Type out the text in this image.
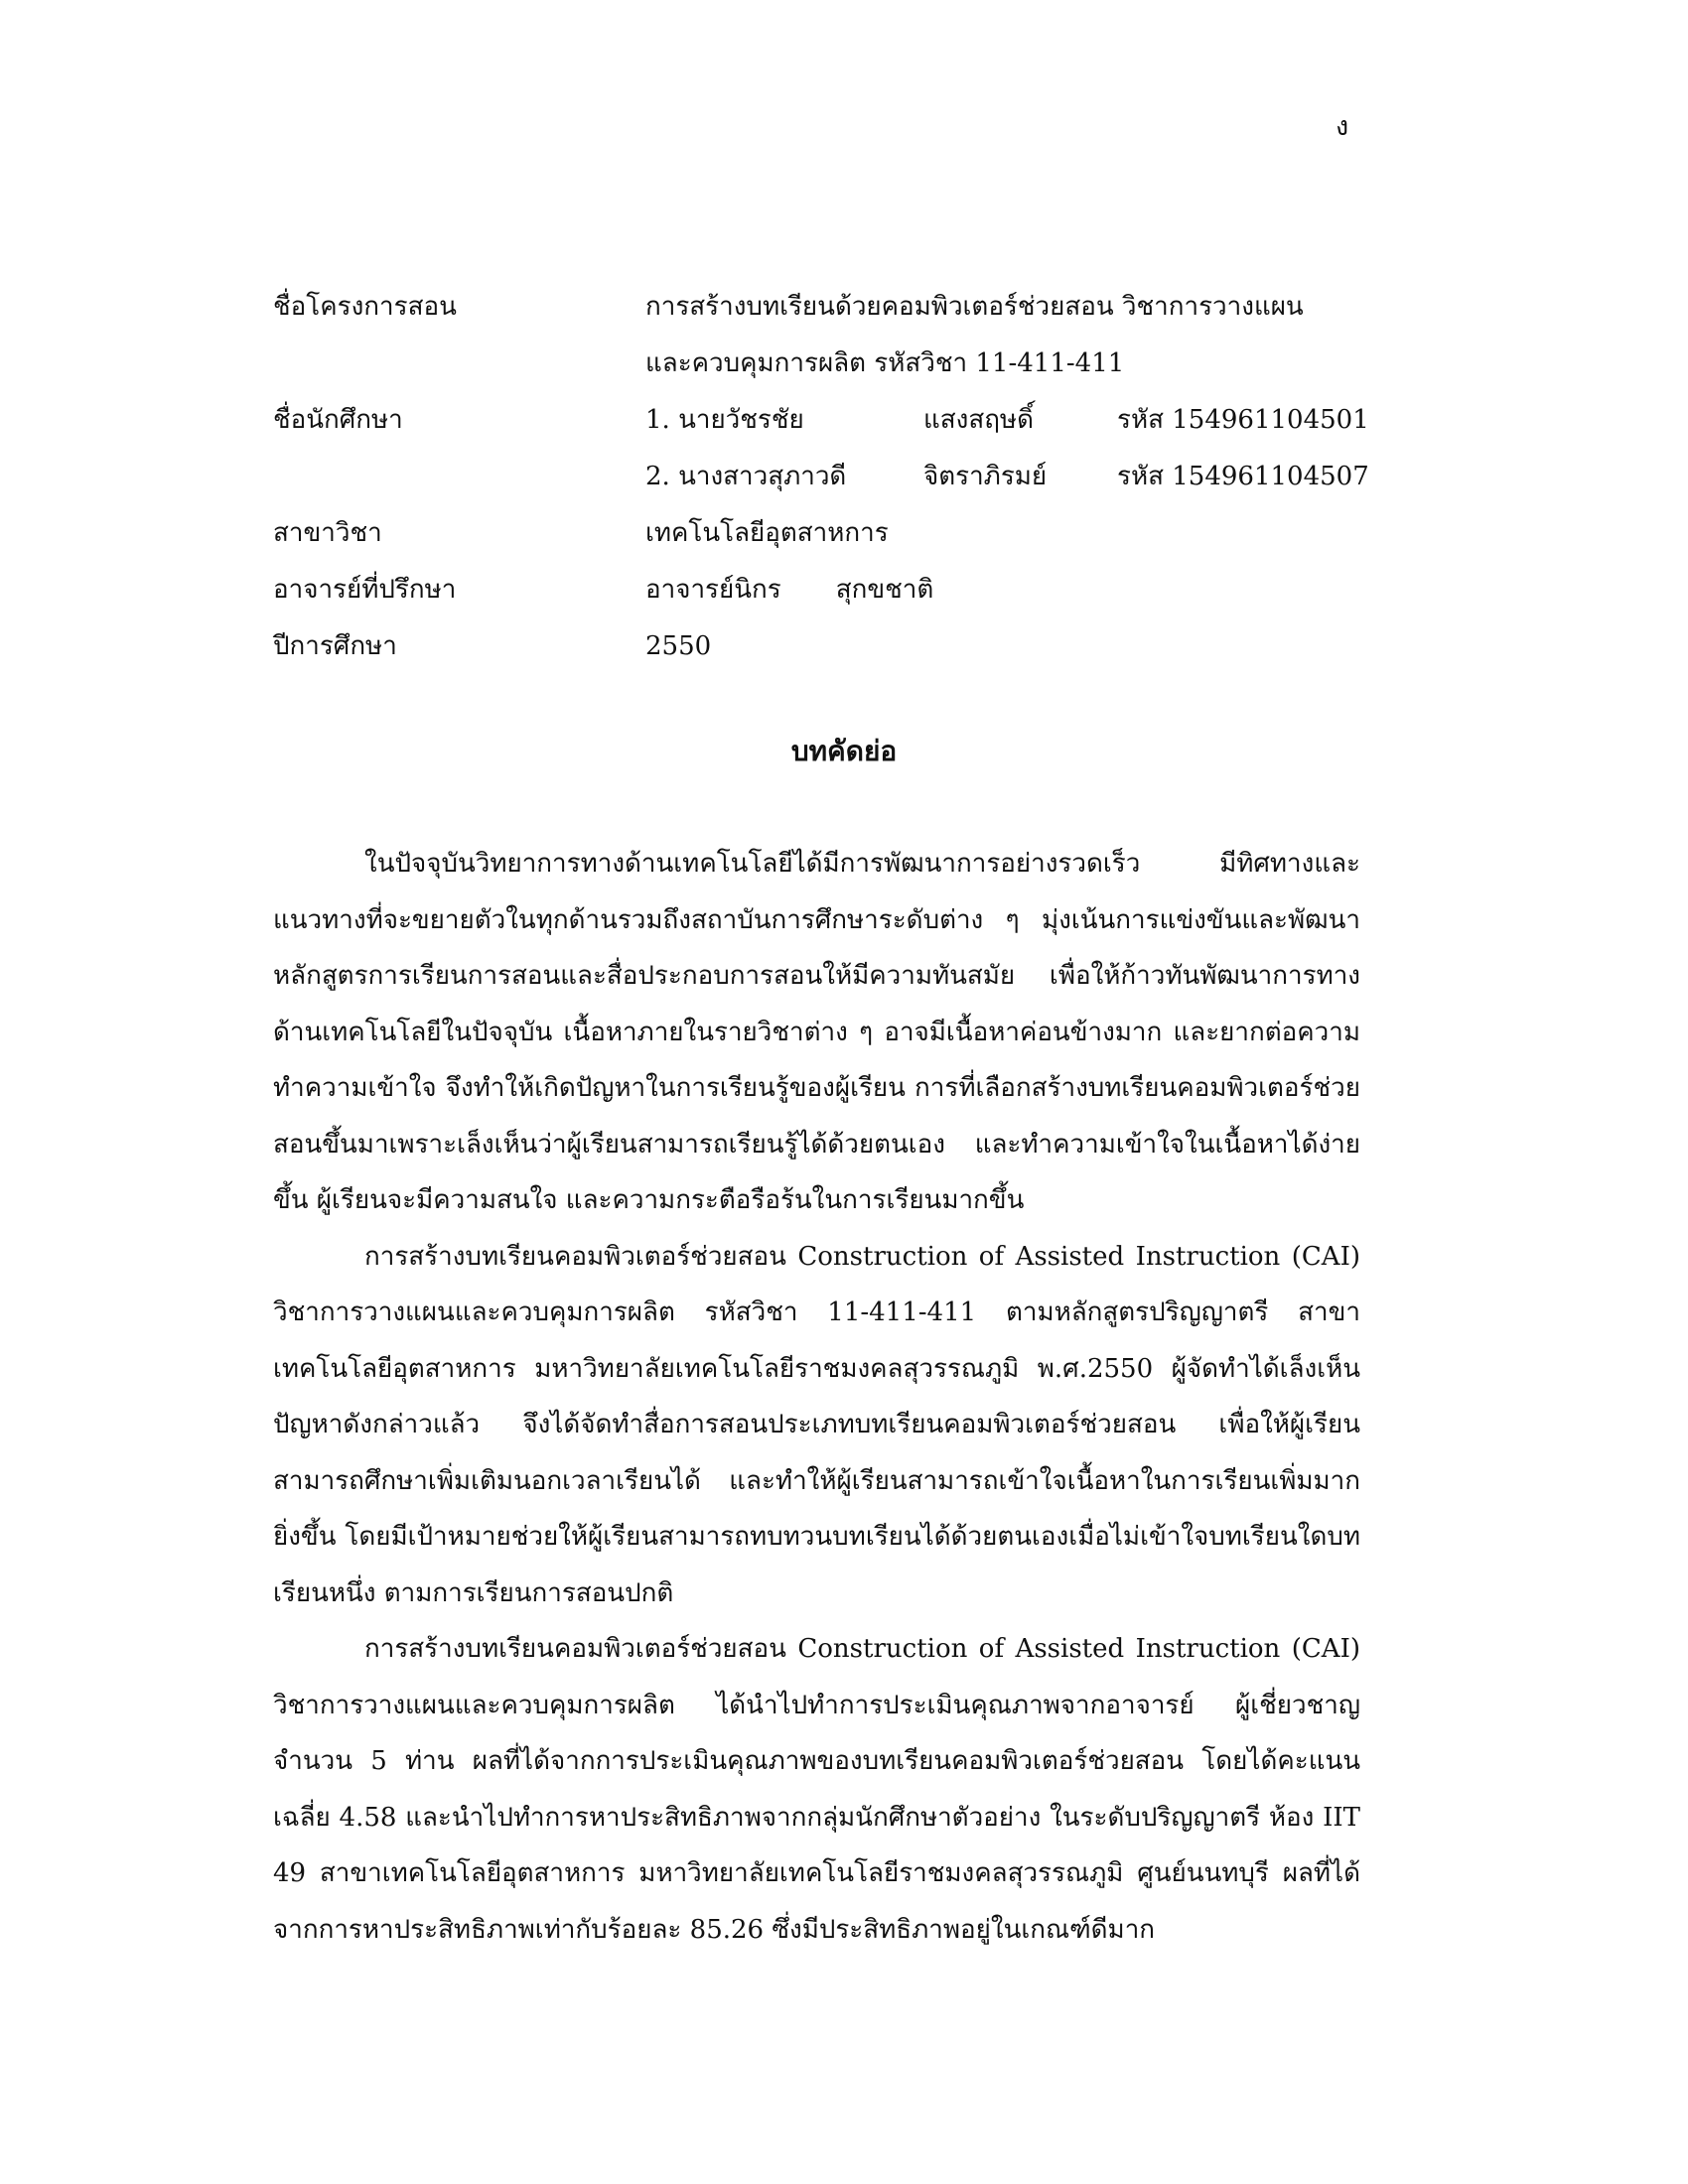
ง
ชื่อโครงการสอน	การสร้างบทเรียนด้วยคอมพิวเตอร์ช่วยสอน วิชาการวางแผน
และควบคุมการผลิต รหัสวิชา 11-411-411
ชื่อนักศึกษา	1. นายวัชรชัย	แสงสฤษดิ์	รหัส 154961104501
2. นางสาวสุภาวดี	จิตราภิรมย์	รหัส 154961104507
สาขาวิชา	เทคโนโลยีอุตสาหการ
อาจารย์ที่ปรึกษา	อาจารย์นิกร สุกขชาติ
ปีการศึกษา	2550
บทคัดย่อ

ในปัจจุบันวิทยาการทางด้านเทคโนโลยีได้มีการพัฒนาการอย่างรวดเร็ว มีทิศทางและแนวทางที่จะขยายตัวในทุกด้านรวมถึงสถาบันการศึกษาระดับต่าง ๆ มุ่งเน้นการแข่งขันและพัฒนาหลักสูตรการเรียนการสอนและสื่อประกอบการสอนให้มีความทันสมัย เพื่อให้ก้าวทันพัฒนาการทางด้านเทคโนโลยีในปัจจุบัน เนื้อหาภายในรายวิชาต่าง ๆ อาจมีเนื้อหาค่อนข้างมาก และยากต่อความทำความเข้าใจ จึงทำให้เกิดปัญหาในการเรียนรู้ของผู้เรียน การที่เลือกสร้างบทเรียนคอมพิวเตอร์ช่วยสอนขึ้นมาเพราะเล็งเห็นว่าผู้เรียนสามารถเรียนรู้ได้ด้วยตนเอง และทำความเข้าใจในเนื้อหาได้ง่ายขึ้น ผู้เรียนจะมีความสนใจ และความกระตือรือร้นในการเรียนมากขึ้น

การสร้างบทเรียนคอมพิวเตอร์ช่วยสอน Construction of Assisted Instruction (CAI) วิชาการวางแผนและควบคุมการผลิต รหัสวิชา 11-411-411 ตามหลักสูตรปริญญาตรี สาขาเทคโนโลยีอุตสาหการ มหาวิทยาลัยเทคโนโลยีราชมงคลสุวรรณภูมิ พ.ศ.2550 ผู้จัดทำได้เล็งเห็นปัญหาดังกล่าวแล้ว จึงได้จัดทำสื่อการสอนประเภทบทเรียนคอมพิวเตอร์ช่วยสอน เพื่อให้ผู้เรียนสามารถศึกษาเพิ่มเติมนอกเวลาเรียนได้ และทำให้ผู้เรียนสามารถเข้าใจเนื้อหาในการเรียนเพิ่มมากยิ่งขึ้น โดยมีเป้าหมายช่วยให้ผู้เรียนสามารถทบทวนบทเรียนได้ด้วยตนเองเมื่อไม่เข้าใจบทเรียนใดบทเรียนหนึ่ง ตามการเรียนการสอนปกติ

การสร้างบทเรียนคอมพิวเตอร์ช่วยสอน Construction of Assisted Instruction (CAI) วิชาการวางแผนและควบคุมการผลิต ได้นำไปทำการประเมินคุณภาพจากอาจารย์ ผู้เชี่ยวชาญ จำนวน 5 ท่าน ผลที่ได้จากการประเมินคุณภาพของบทเรียนคอมพิวเตอร์ช่วยสอน โดยได้คะแนนเฉลี่ย 4.58 และนำไปทำการหาประสิทธิภาพจากกลุ่มนักศึกษาตัวอย่าง ในระดับปริญญาตรี ห้อง IIT 49 สาขาเทคโนโลยีอุตสาหการ มหาวิทยาลัยเทคโนโลยีราชมงคลสุวรรณภูมิ ศูนย์นนทบุรี ผลที่ได้จากการหาประสิทธิภาพเท่ากับร้อยละ 85.26 ซึ่งมีประสิทธิภาพอยู่ในเกณฑ์ดีมาก
